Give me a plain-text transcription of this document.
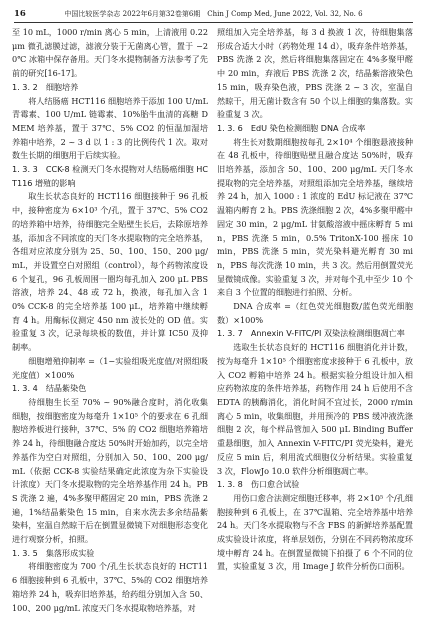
16	中国比较医学杂志 2022年6月第32卷第6期　Chin J Comp Med, June 2022, Vol. 32, No. 6

至 10 mL，1000 r/min 离心 5 min，上清液用 0.22 μm 微孔滤膜过滤，滤液分装于无菌离心管，置于 −20℃ 冰箱中保存备用。天门冬水提物制备方法参考了先前的研究[16-17]。

1. 3. 2　细胞培养

将人结肠癌 HCT116 细胞培养于添加 100 U/mL 青霉素、100 U/mL 链霉素、10%胎牛血清的高糖 DMEM 培养基，置于 37℃、5% CO2 的恒温加湿培养箱中培养，2 ~ 3 d 以 1 : 3 的比例传代 1 次。取对数生长期的细胞用于后续实验。

1. 3. 3　CCK-8 检测天门冬水提物对人结肠癌细胞 HCT116 增殖的影响

取生长状态良好的 HCT116 细胞接种于 96 孔板中，接种密度为 6×10³ 个/孔，置于 37℃、5% CO2 的培养箱中培养，待细胞完全贴壁生长后，去除原培养基，添加含不同浓度的天门冬水提取物的完全培养基，各组对应浓度分别为 25、50、100、150、200 μg/mL，并设置空白对照组（control），每个药物浓度设 6 个复孔，96 孔板周围一圈均每孔加入 200 μL PBS 溶液，培养 24、48 或 72 h，换液，每孔加入含 10% CCK-8 的完全培养基 100 μL，培养箱中继续孵育 4 h。用酶标仪测定 450 nm 波长处的 OD 值。实验重复 3 次，记录每块板的数值，并计算 IC50 及抑制率。

细胞增殖抑制率 =（1−实验组吸光度值/对照组吸光度值）×100%

1. 3. 4　结晶紫染色

待细胞生长至 70% ~ 90%融合度时，消化收集细胞，按细胞密度为每毫升 1×10⁵ 个的要求在 6 孔细胞培养板进行接种，37℃、5% 的 CO2 细胞培养箱培养 24 h，待细胞融合度达 50%时开始加药，以完全培养基作为空白对照组，分别加入 50、100、200 μg/mL（依据 CCK-8 实验结果确定此浓度为杂下实验设计浓度）天门冬水提取物的完全培养基作用 24 h。PBS 洗涤 2 遍，4%多聚甲醛固定 20 min，PBS 洗涤 2 遍，1%结晶紫染色 15 min，自来水洗去多余结晶紫染料，室温自然晾干后在倒置显微镜下对细胞形态变化进行观察分析，拍照。

1. 3. 5　集落形成实验

将细胞密度为 700 个/孔生长状态良好的 HCT116 细胞接种到 6 孔板中，37℃、5%的 CO2 细胞培养箱培养 24 h，吸弃旧培养基，给药组分别加入含 50、100、200 μg/mL 浓度天门冬水提取物培养基，对

照组加入完全培养基，每 3 d 换液 1 次，待细胞集落形成合适大小时（药物处理 14 d），吸弃条件培养基，PBS 洗涤 2 次，然后将细胞集落固定在 4%多聚甲醛中 20 min，弃液后 PBS 洗涤 2 次，结晶紫溶液染色 15 min，吸弃染色液，PBS 洗涤 2 ~ 3 次，室温自然晾干，用无菌计数含有 50 个以上细胞的集落数。实验重复 3 次。

1. 3. 6　EdU 染色检测细胞 DNA 合成率

将生长对数期细胞按每孔 2×10⁴ 个细胞悬液接种在 48 孔板中，待细胞贴壁且融合度达 50%时，吸弃旧培养基，添加含 50、100、200 μg/mL 天门冬水提取物的完全培养基，对照组添加完全培养基，继续培养 24 h，加入 1000 : 1 浓度的 EdU 标记液在 37℃温箱内孵育 2 h。PBS 洗涤细胞 2 次，4%多聚甲醛中固定 30 min，2 μg/mL 甘氨酸溶液中摇床孵育 5 min，PBS 洗涤 5 min，0.5% TritonX-100 摇床 10 min，PBS 洗涤 5 min，荧光染料避光孵育 30 min，PBS 每次洗涤 10 min，共 3 次。然后用倒置荧光显微镜成像。实验重复 3 次，并对每个孔中至少 10 个来自 3 个位置的细胞进行拍照、分析。

DNA 合成率 =（红色荧光细胞数/蓝色荧光细胞数）×100%

1. 3. 7　Annexin V-FITC/PI 双染法检测细胞凋亡率

选取生长状态良好的 HCT116 细胞消化并计数，按为每毫升 1×10⁵ 个细胞密度求接种于 6 孔板中，放入 CO2 孵箱中培养 24 h。根据实验分组设计加入相应药物浓度的条件培养基，药物作用 24 h 后使用不含 EDTA 的胰酶消化，消化时间不宜过长，2000 r/min 离心 5 min，收集细胞，并用预冷的 PBS 缓冲液洗涤细胞 2 次，每个样品管加入 500 μL Binding Buffer 重悬细胞，加入 Annexin V-FITC/PI 荧光染料，避光反应 5 min 后，利用流式细胞仪分析结果。实验重复 3 次，FlowJo 10.0 软件分析细胞凋亡率。

1. 3. 8　伤口愈合试验

用伤口愈合法测定细胞迁移率，将 2×10⁵ 个/孔细胞接种到 6 孔板上，在 37℃温箱、完全培养基中培养 24 h。天门冬水提取物与不含 FBS 的新鲜培养基配置成实验设计浓度，将单层划伤，分别在不同药物浓度环境中孵育 24 h。在倒置显微镜下拍摄了 6 个不同的位置，实验重复 3 次，用 Image J 软件分析伤口面积。
